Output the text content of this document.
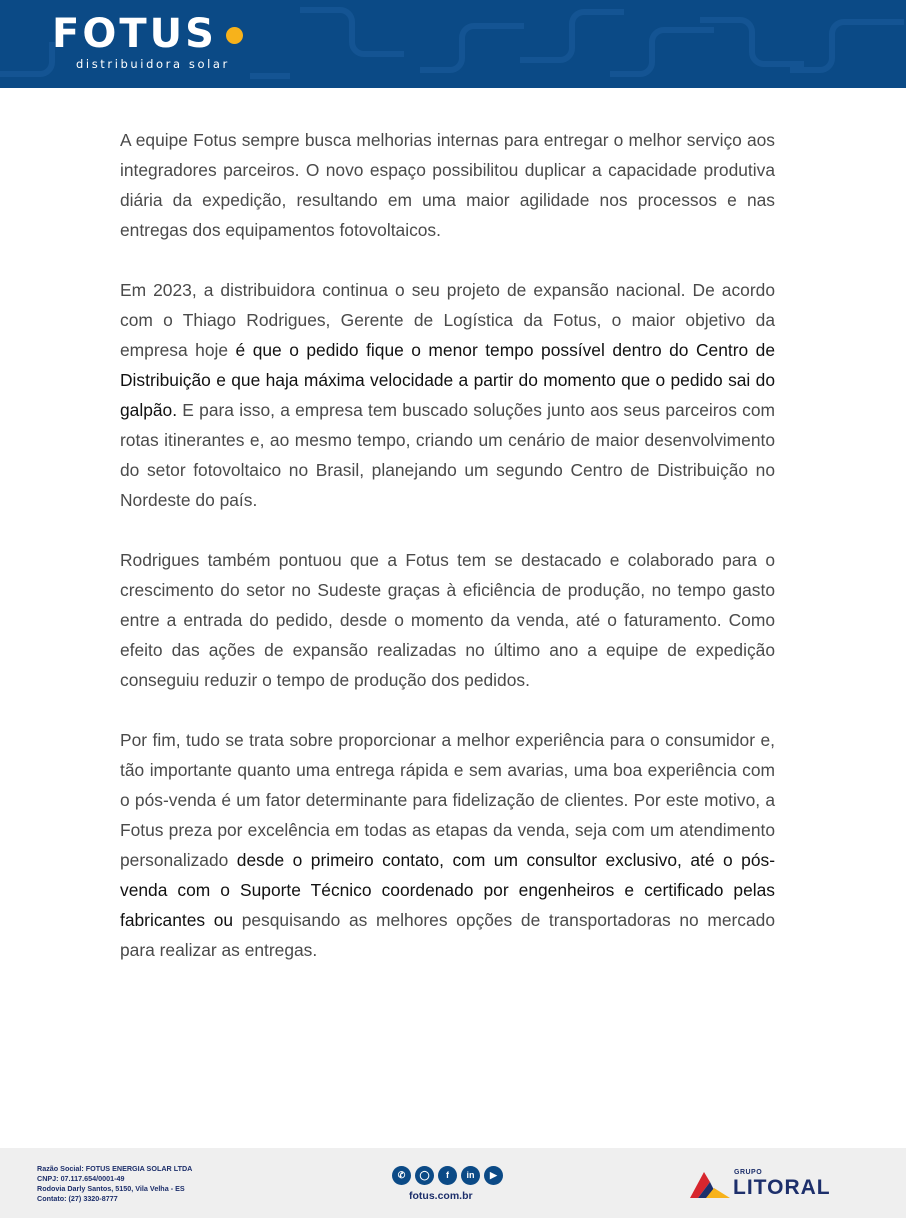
FOTUS
distribuidora solar

A equipe Fotus sempre busca melhorias internas para entregar o melhor serviço aos integradores parceiros. O novo espaço possibilitou duplicar a capacidade produtiva diária da expedição, resultando em uma maior agilidade nos processos e nas entregas dos equipamentos fotovoltaicos.

Em 2023, a distribuidora continua o seu projeto de expansão nacional. De acordo com o Thiago Rodrigues, Gerente de Logística da Fotus, o maior objetivo da empresa hoje é que o pedido fique o menor tempo possível dentro do Centro de Distribuição e que haja máxima velocidade a partir do momento que o pedido sai do galpão. E para isso, a empresa tem buscado soluções junto aos seus parceiros com rotas itinerantes e, ao mesmo tempo, criando um cenário de maior desenvolvimento do setor fotovoltaico no Brasil, planejando um segundo Centro de Distribuição no Nordeste do país.

Rodrigues também pontuou que a Fotus tem se destacado e colaborado para o crescimento do setor no Sudeste graças à eficiência de produção, no tempo gasto entre a entrada do pedido, desde o momento da venda, até o faturamento. Como efeito das ações de expansão realizadas no último ano a equipe de expedição conseguiu reduzir o tempo de produção dos pedidos.

Por fim, tudo se trata sobre proporcionar a melhor experiência para o consumidor e, tão importante quanto uma entrega rápida e sem avarias, uma boa experiência com o pós-venda é um fator determinante para fidelização de clientes. Por este motivo, a Fotus preza por excelência em todas as etapas da venda, seja com um atendimento personalizado desde o primeiro contato, com um consultor exclusivo, até o pós-venda com o Suporte Técnico coordenado por engenheiros e certificado pelas fabricantes ou pesquisando as melhores opções de transportadoras no mercado para realizar as entregas.

Razão Social: FOTUS ENERGIA SOLAR LTDA
CNPJ: 07.117.654/0001-49
Rodovia Darly Santos, 5150, Vila Velha - ES
Contato: (27) 3320-8777
✆	◯	f	in	▶
fotus.com.br
GRUPO
LITORAL
